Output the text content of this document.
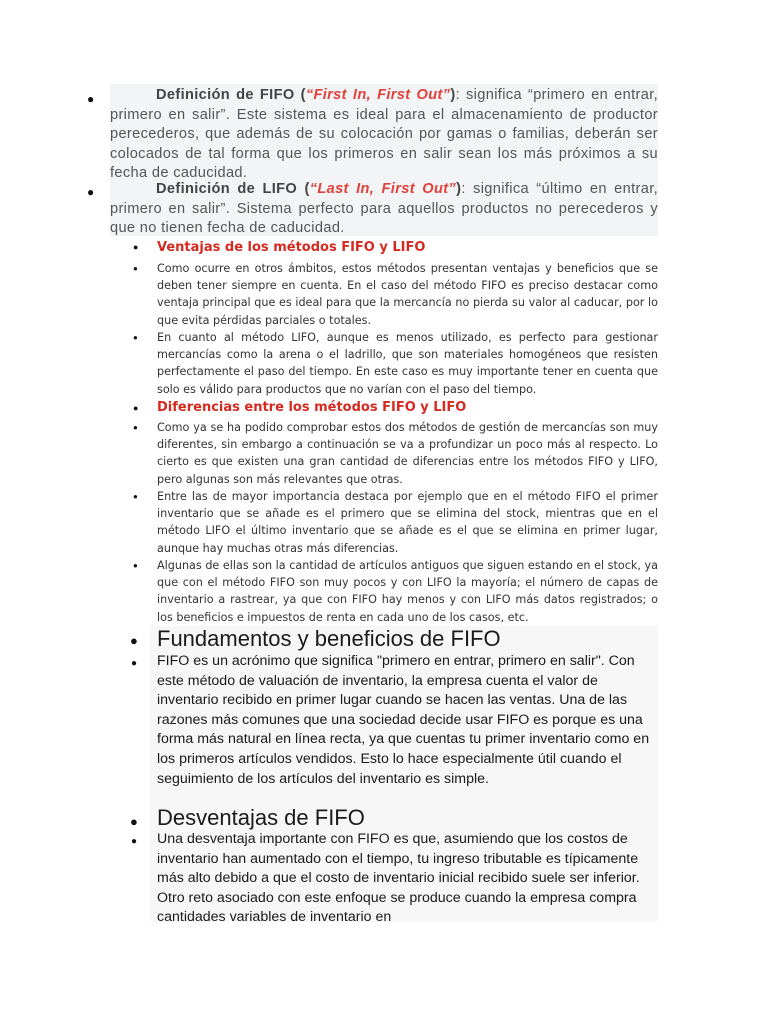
●	Definición de FIFO (“First In, First Out”): significa “primero en entrar, primero en salir”. Este sistema es ideal para el almacenamiento de productor perecederos, que además de su colocación por gamas o familias, deberán ser colocados de tal forma que los primeros en salir sean los más próximos a su fecha de caducidad.
●	Definición de LIFO (“Last In, First Out”): significa “último en entrar, primero en salir”. Sistema perfecto para aquellos productos no perecederos y que no tienen fecha de caducidad.
● Ventajas de los métodos FIFO y LIFO
● Como ocurre en otros ámbitos, estos métodos presentan ventajas y beneficios que se deben tener siempre en cuenta. En el caso del método FIFO es preciso destacar como ventaja principal que es ideal para que la mercancía no pierda su valor al caducar, por lo que evita pérdidas parciales o totales.
● En cuanto al método LIFO, aunque es menos utilizado, es perfecto para gestionar mercancías como la arena o el ladrillo, que son materiales homogéneos que resisten perfectamente el paso del tiempo. En este caso es muy importante tener en cuenta que solo es válido para productos que no varían con el paso del tiempo.
● Diferencias entre los métodos FIFO y LIFO
● Como ya se ha podido comprobar estos dos métodos de gestión de mercancías son muy diferentes, sin embargo a continuación se va a profundizar un poco más al respecto. Lo cierto es que existen una gran cantidad de diferencias entre los métodos FIFO y LIFO, pero algunas son más relevantes que otras.
● Entre las de mayor importancia destaca por ejemplo que en el método FIFO el primer inventario que se añade es el primero que se elimina del stock, mientras que en el método LIFO el último inventario que se añade es el que se elimina en primer lugar, aunque hay muchas otras más diferencias.
● Algunas de ellas son la cantidad de artículos antiguos que siguen estando en el stock, ya que con el método FIFO son muy pocos y con LIFO la mayoría; el número de capas de inventario a rastrear, ya que con FIFO hay menos y con LIFO más datos registrados; o los beneficios e impuestos de renta en cada uno de los casos, etc.
● Fundamentos y beneficios de FIFO
● FIFO es un acrónimo que significa "primero en entrar, primero en salir". Con este método de valuación de inventario, la empresa cuenta el valor de inventario recibido en primer lugar cuando se hacen las ventas. Una de las razones más comunes que una sociedad decide usar FIFO es porque es una forma más natural en línea recta, ya que cuentas tu primer inventario como en los primeros artículos vendidos. Esto lo hace especialmente útil cuando el seguimiento de los artículos del inventario es simple.
● Desventajas de FIFO
● Una desventaja importante con FIFO es que, asumiendo que los costos de inventario han aumentado con el tiempo, tu ingreso tributable es típicamente más alto debido a que el costo de inventario inicial recibido suele ser inferior. Otro reto asociado con este enfoque se produce cuando la empresa compra cantidades variables de inventario en
